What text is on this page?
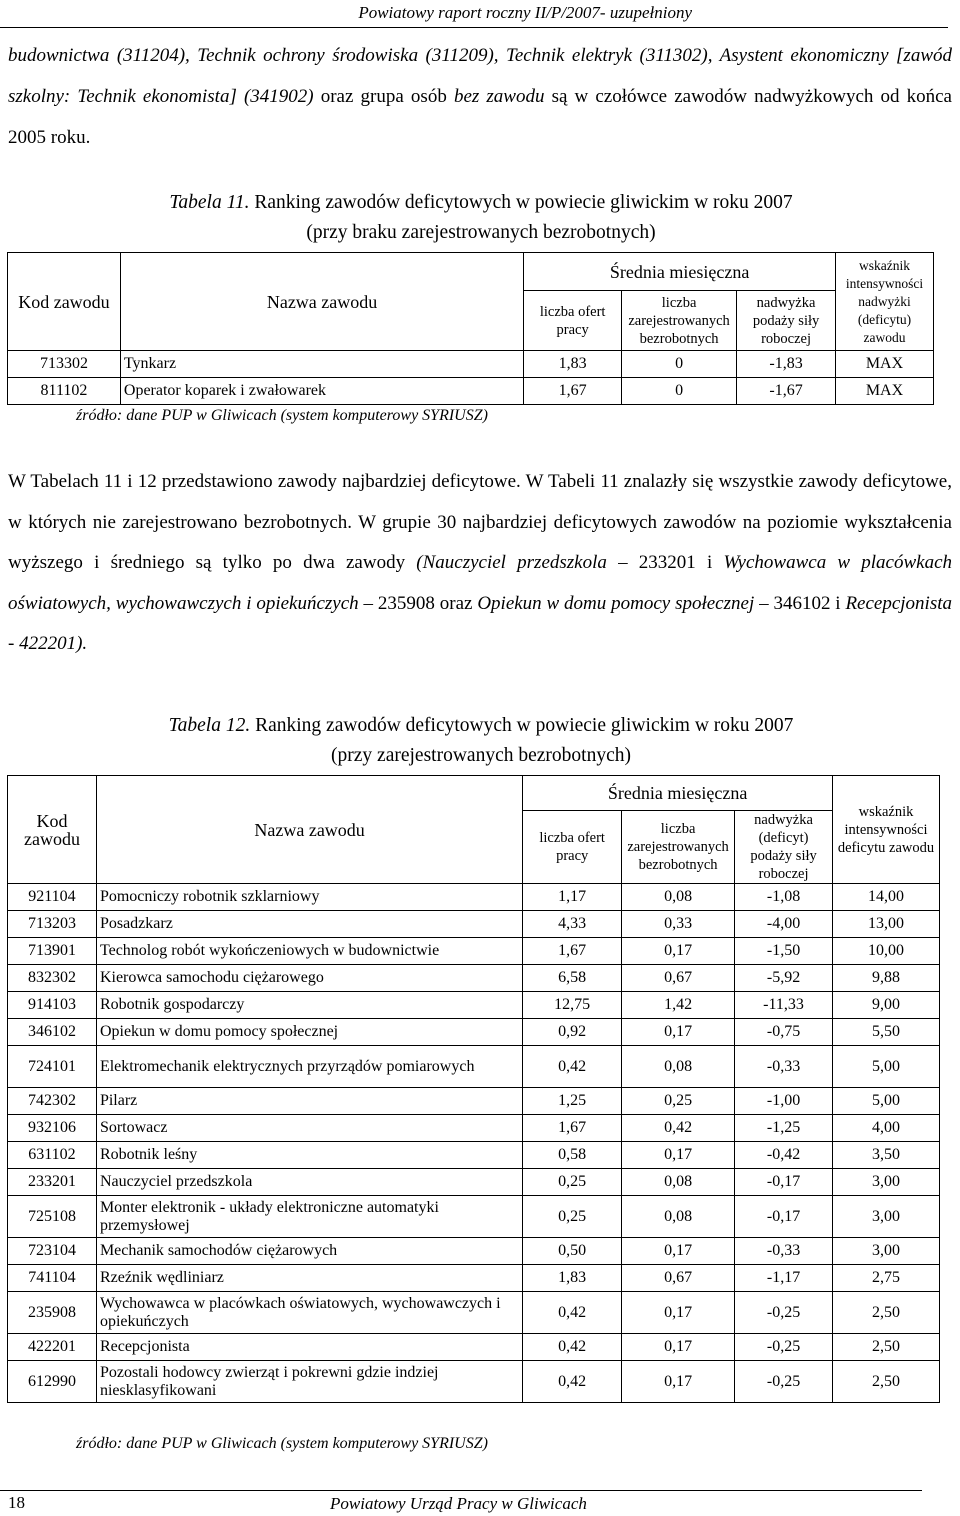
Powiatowy raport roczny II/P/2007- uzupełniony

budownictwa (311204), Technik ochrony środowiska (311209), Technik elektryk (311302), Asystent ekonomiczny [zawód szkolny: Technik ekonomista] (341902) oraz grupa osób bez zawodu są w czołówce zawodów nadwyżkowych od końca 2005 roku.

Tabela 11. Ranking zawodów deficytowych w powiecie gliwickim w roku 2007
(przy braku zarejestrowanych bezrobotnych)
Kod zawodu	Nazwa zawodu	Średnia miesięczna			wskaźnik intensywności nadwyżki (deficytu) zawodu
		liczba ofert pracy	liczba zarejestrowanych bezrobotnych	nadwyżka podaży siły roboczej	
713302	Tynkarz	1,83	0	-1,83	MAX
811102	Operator koparek i zwałowarek	1,67	0	-1,67	MAX
źródło: dane PUP w Gliwicach (system komputerowy SYRIUSZ)

W Tabelach 11 i 12 przedstawiono zawody najbardziej deficytowe. W Tabeli 11 znalazły się wszystkie zawody deficytowe, w których nie zarejestrowano bezrobotnych. W grupie 30 najbardziej deficytowych zawodów na poziomie wykształcenia wyższego i średniego są tylko po dwa zawody (Nauczyciel przedszkola – 233201 i Wychowawca w placówkach oświatowych, wychowawczych i opiekuńczych – 235908 oraz Opiekun w domu pomocy społecznej – 346102 i Recepcjonista - 422201).

Tabela 12. Ranking zawodów deficytowych w powiecie gliwickim w roku 2007
(przy zarejestrowanych bezrobotnych)
Kod zawodu	Nazwa zawodu	Średnia miesięczna			wskaźnik intensywności deficytu zawodu
		liczba ofert pracy	liczba zarejestrowanych bezrobotnych	nadwyżka (deficyt) podaży siły roboczej	
921104	Pomocniczy robotnik szklarniowy	1,17	0,08	-1,08	14,00
713203	Posadzkarz	4,33	0,33	-4,00	13,00
713901	Technolog robót wykończeniowych w budownictwie	1,67	0,17	-1,50	10,00
832302	Kierowca samochodu ciężarowego	6,58	0,67	-5,92	9,88
914103	Robotnik gospodarczy	12,75	1,42	-11,33	9,00
346102	Opiekun w domu pomocy społecznej	0,92	0,17	-0,75	5,50
724101	Elektromechanik elektrycznych przyrządów pomiarowych	0,42	0,08	-0,33	5,00
742302	Pilarz	1,25	0,25	-1,00	5,00
932106	Sortowacz	1,67	0,42	-1,25	4,00
631102	Robotnik leśny	0,58	0,17	-0,42	3,50
233201	Nauczyciel przedszkola	0,25	0,08	-0,17	3,00
725108	Monter elektronik - układy elektroniczne automatyki przemysłowej	0,25	0,08	-0,17	3,00
723104	Mechanik samochodów ciężarowych	0,50	0,17	-0,33	3,00
741104	Rzeźnik wędliniarz	1,83	0,67	-1,17	2,75
235908	Wychowawca w placówkach oświatowych, wychowawczych i opiekuńczych	0,42	0,17	-0,25	2,50
422201	Recepcjonista	0,42	0,17	-0,25	2,50
612990	Pozostali hodowcy zwierząt i pokrewni gdzie indziej niesklasyfikowani	0,42	0,17	-0,25	2,50
źródło: dane PUP w Gliwicach (system komputerowy SYRIUSZ)
18	Powiatowy Urząd Pracy w Gliwicach
